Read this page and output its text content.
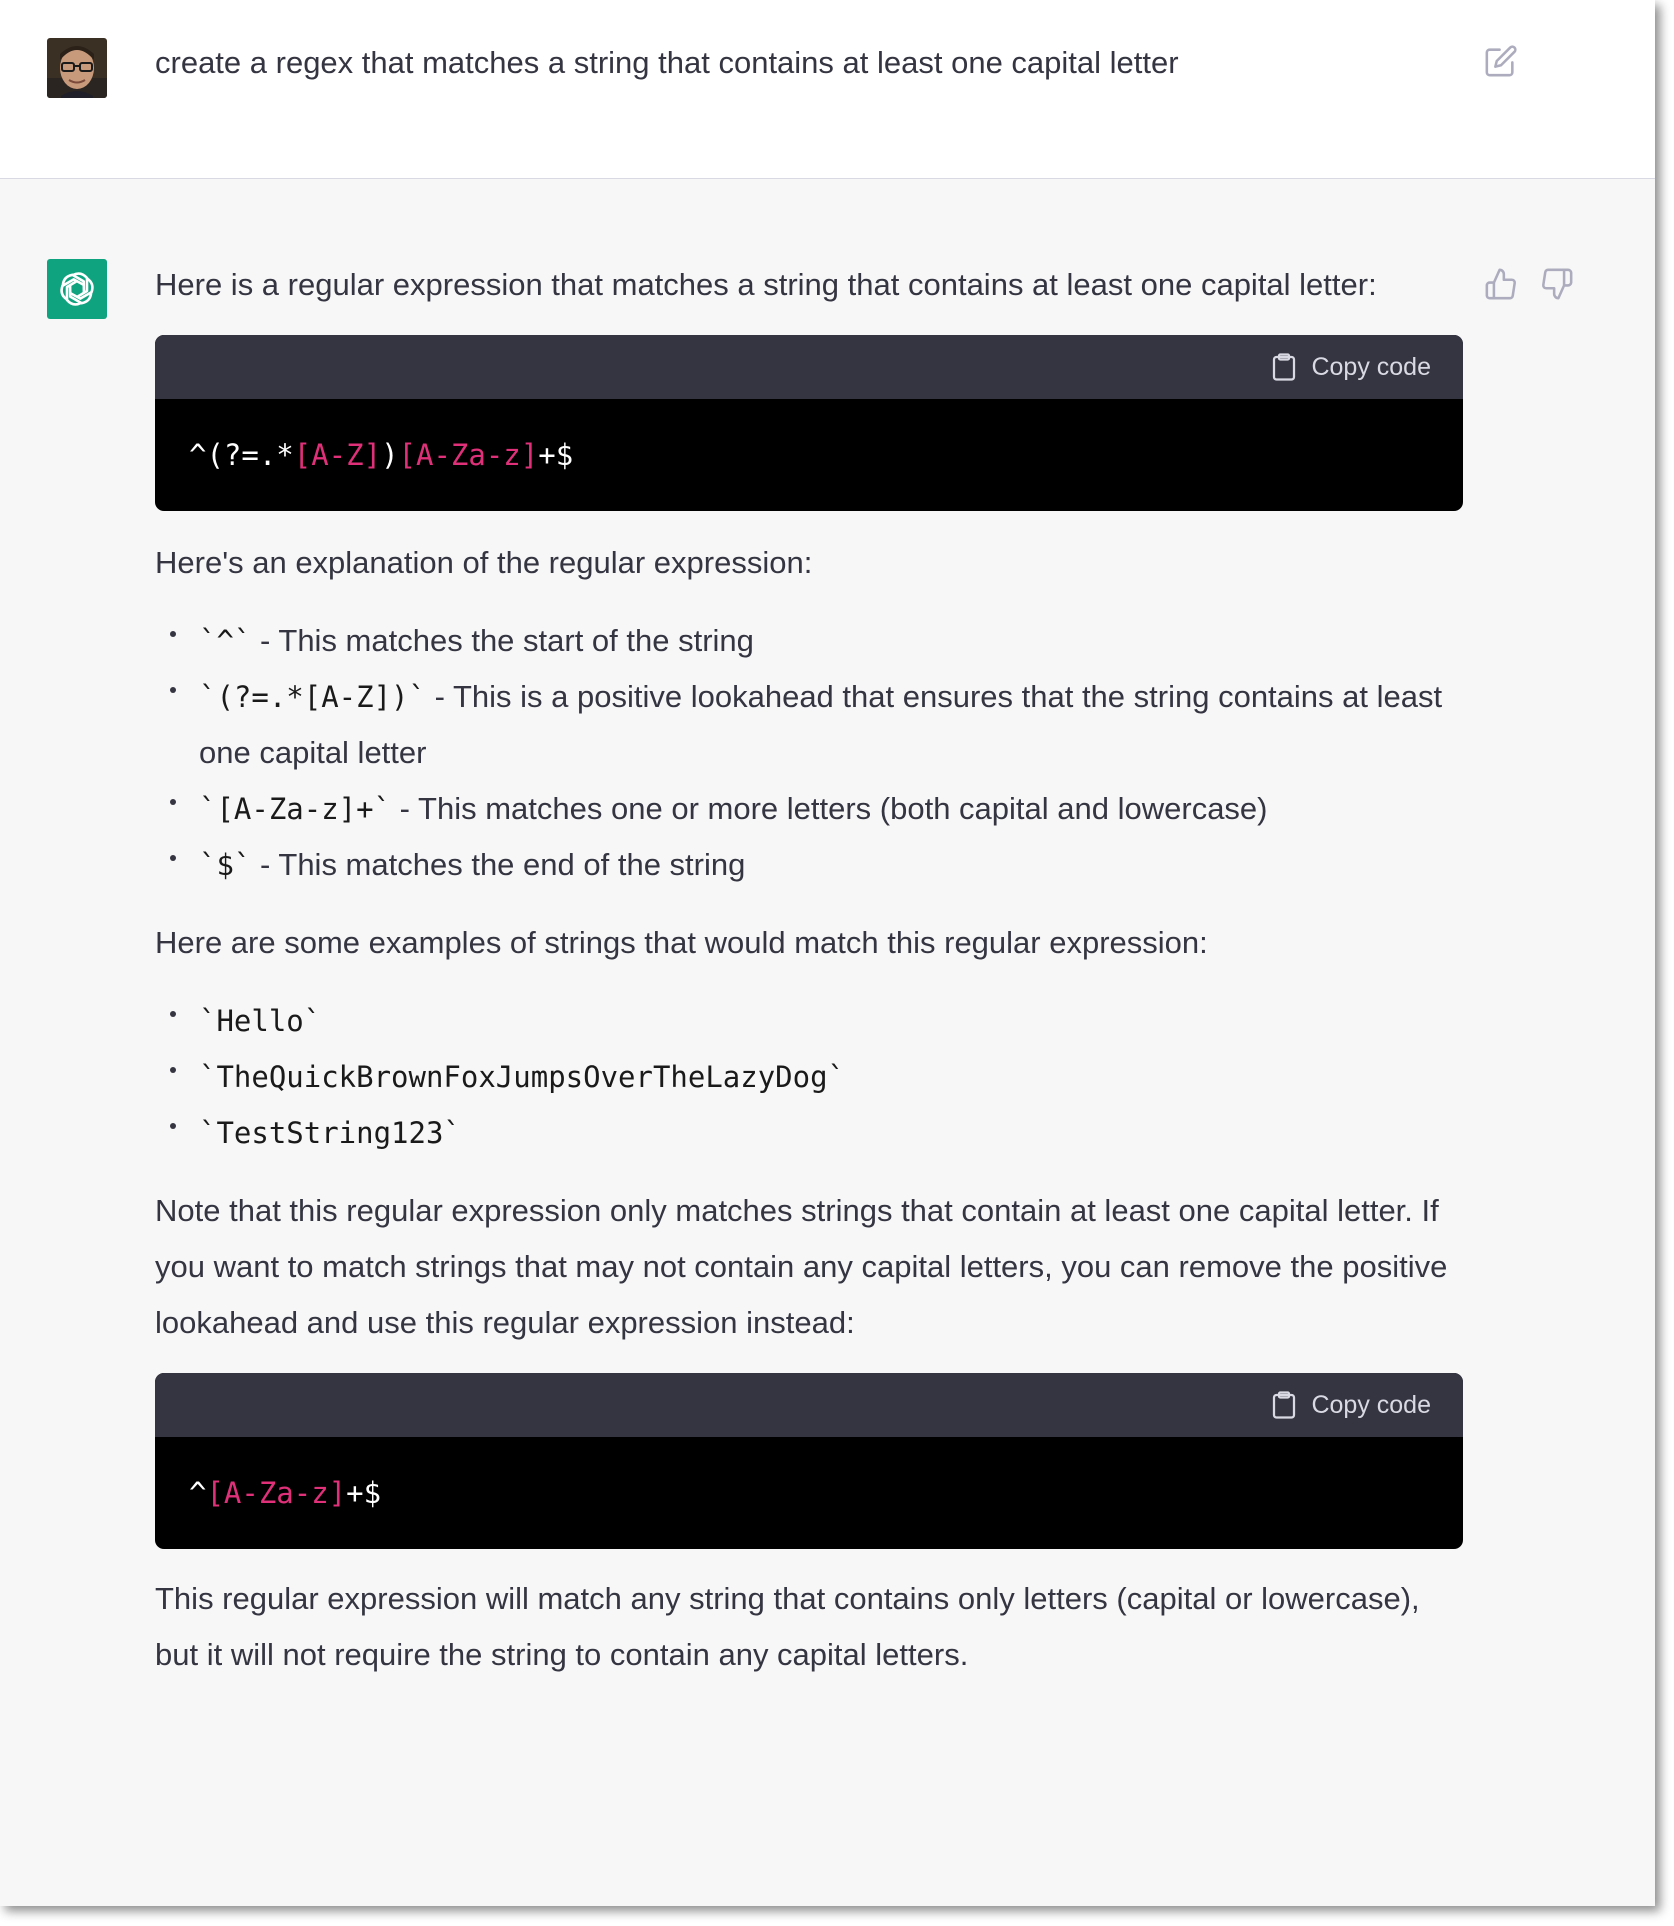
create a regex that matches a string that contains at least one capital letter

Here is a regular expression that matches a string that contains at least one capital letter:

Copy code
^(?=.* [A-Z] ) [A-Za-z] +$

Here's an explanation of the regular expression:

`^` - This matches the start of the string
`(?=.*[A-Z])` - This is a positive lookahead that ensures that the string contains at least one capital letter
`[A-Za-z]+` - This matches one or more letters (both capital and lowercase)
`$` - This matches the end of the string

Here are some examples of strings that would match this regular expression:

`Hello`
`TheQuickBrownFoxJumpsOverTheLazyDog`
`TestString123`

Note that this regular expression only matches strings that contain at least one capital letter. If you want to match strings that may not contain any capital letters, you can remove the positive lookahead and use this regular expression instead:

Copy code
^ [A-Za-z] +$

This regular expression will match any string that contains only letters (capital or lowercase), but it will not require the string to contain any capital letters.
